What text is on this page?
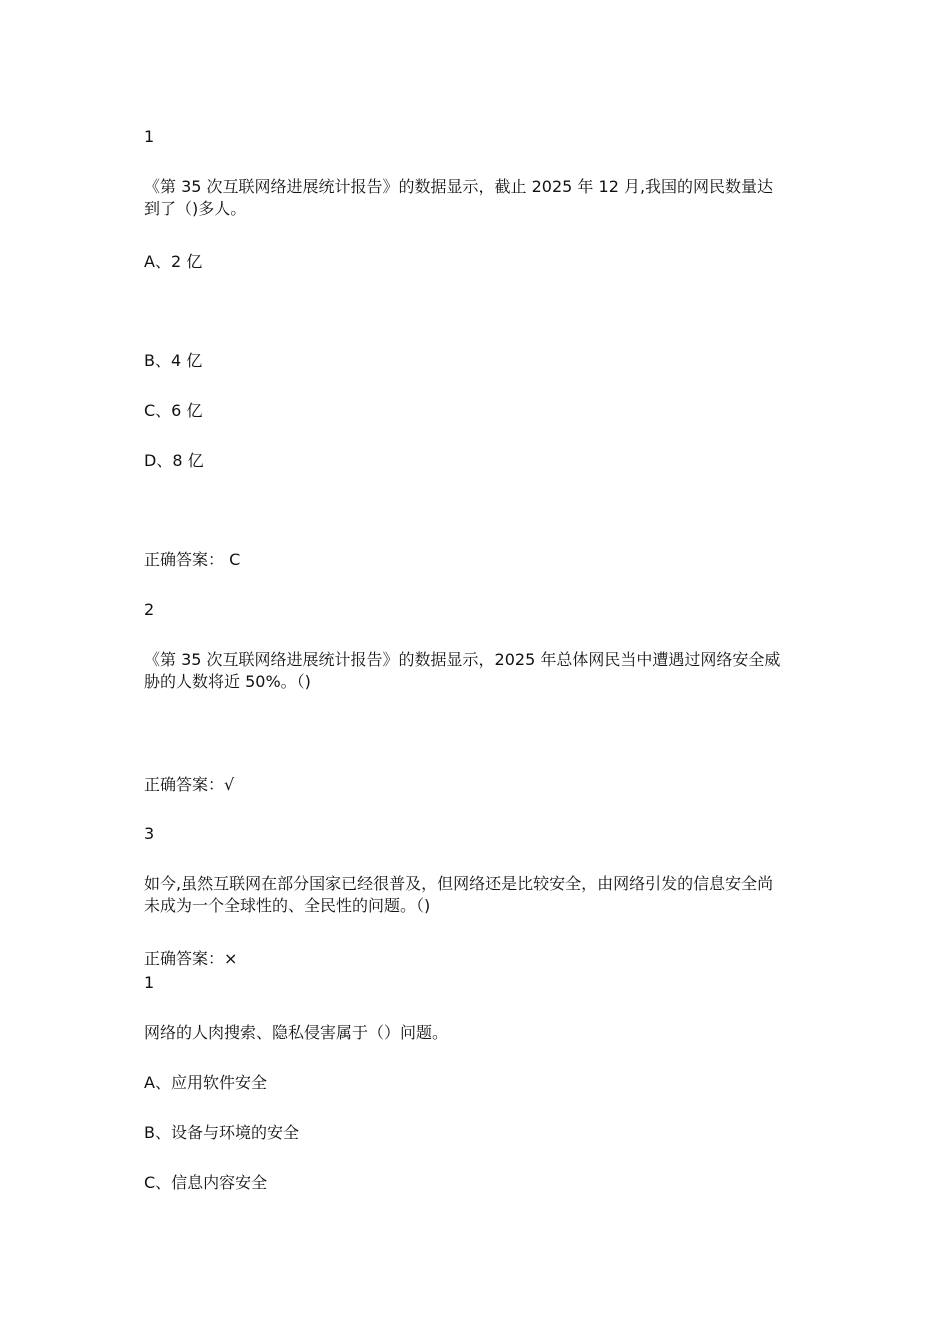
1
《第 35 次互联网络进展统计报告》的数据显示，截止 2025 年 12 月,我国的网民数量达
到了（)多人。
A、2 亿
B、4 亿
C、6 亿
D、8 亿
正确答案： C
2
《第 35 次互联网络进展统计报告》的数据显示，2025 年总体网民当中遭遇过网络安全威
胁的人数将近 50%。（)
正确答案：√
3
如今,虽然互联网在部分国家已经很普及，但网络还是比较安全，由网络引发的信息安全尚
未成为一个全球性的、全民性的问题。（)
正确答案：×
1
网络的人肉搜索、隐私侵害属于（）问题。
A、应用软件安全
B、设备与环境的安全
C、信息内容安全
